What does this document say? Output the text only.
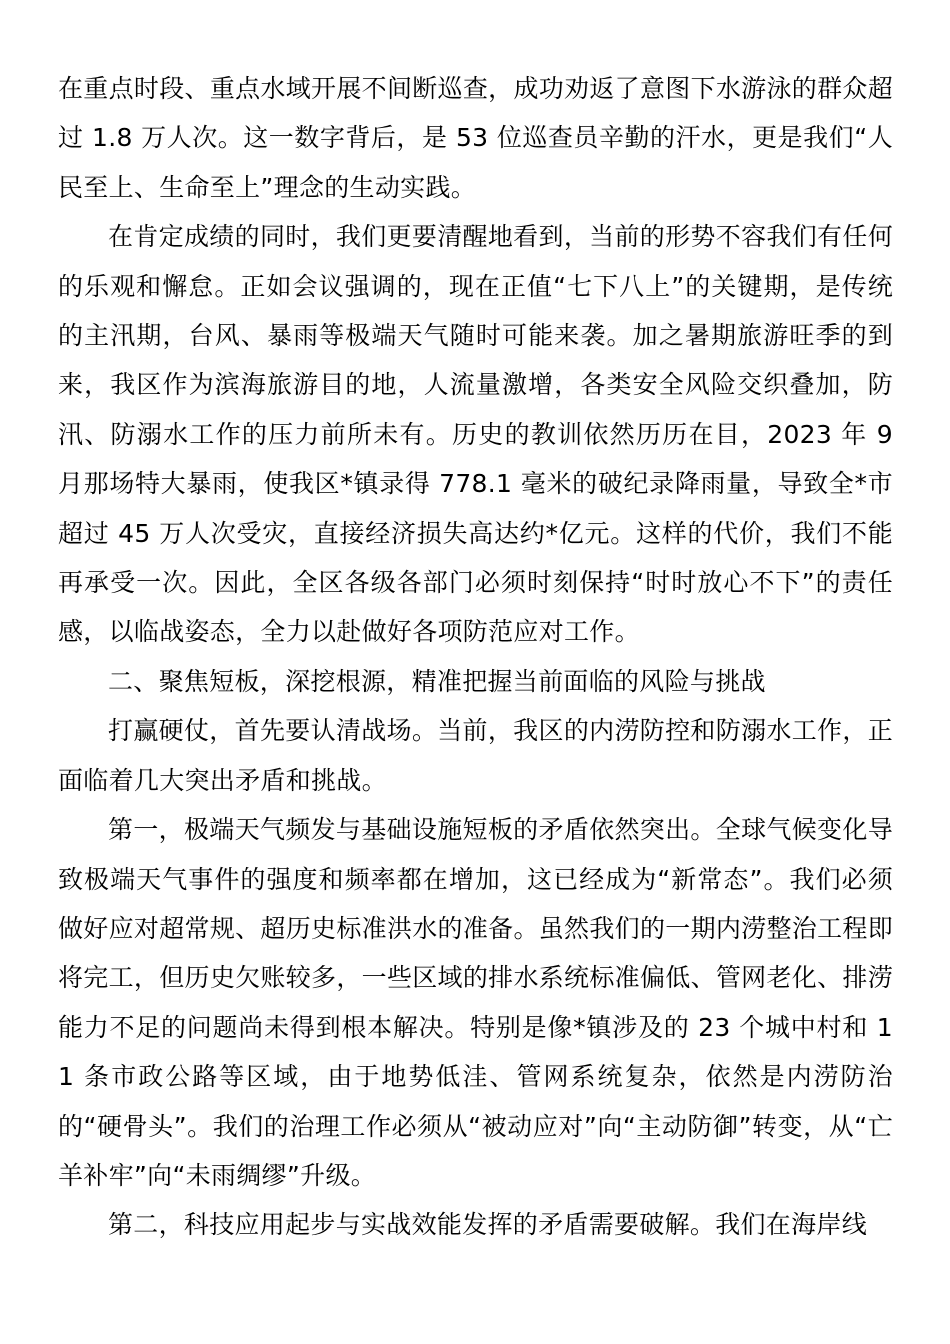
在重点时段、重点水域开展不间断巡查，成功劝返了意图下水游泳的群众超过 1.8 万人次。这一数字背后，是 53 位巡查员辛勤的汗水，更是我们“人民至上、生命至上”理念的生动实践。

在肯定成绩的同时，我们更要清醒地看到，当前的形势不容我们有任何的乐观和懈怠。正如会议强调的，现在正值“七下八上”的关键期，是传统的主汛期，台风、暴雨等极端天气随时可能来袭。加之暑期旅游旺季的到来，我区作为滨海旅游目的地，人流量激增，各类安全风险交织叠加，防汛、防溺水工作的压力前所未有。历史的教训依然历历在目，2023 年 9 月那场特大暴雨，使我区*镇录得 778.1 毫米的破纪录降雨量，导致全*市超过 45 万人次受灾，直接经济损失高达约*亿元。这样的代价，我们不能再承受一次。因此，全区各级各部门必须时刻保持“时时放心不下”的责任感，以临战姿态，全力以赴做好各项防范应对工作。

二、聚焦短板，深挖根源，精准把握当前面临的风险与挑战

打赢硬仗，首先要认清战场。当前，我区的内涝防控和防溺水工作，正面临着几大突出矛盾和挑战。

第一，极端天气频发与基础设施短板的矛盾依然突出。全球气候变化导致极端天气事件的强度和频率都在增加，这已经成为“新常态”。我们必须做好应对超常规、超历史标准洪水的准备。虽然我们的一期内涝整治工程即将完工，但历史欠账较多，一些区域的排水系统标准偏低、管网老化、排涝能力不足的问题尚未得到根本解决。特别是像*镇涉及的 23 个城中村和 11 条市政公路等区域，由于地势低洼、管网系统复杂，依然是内涝防治的“硬骨头”。我们的治理工作必须从“被动应对”向“主动防御”转变，从“亡羊补牢”向“未雨绸缪”升级。

第二，科技应用起步与实战效能发挥的矛盾需要破解。我们在海岸线
